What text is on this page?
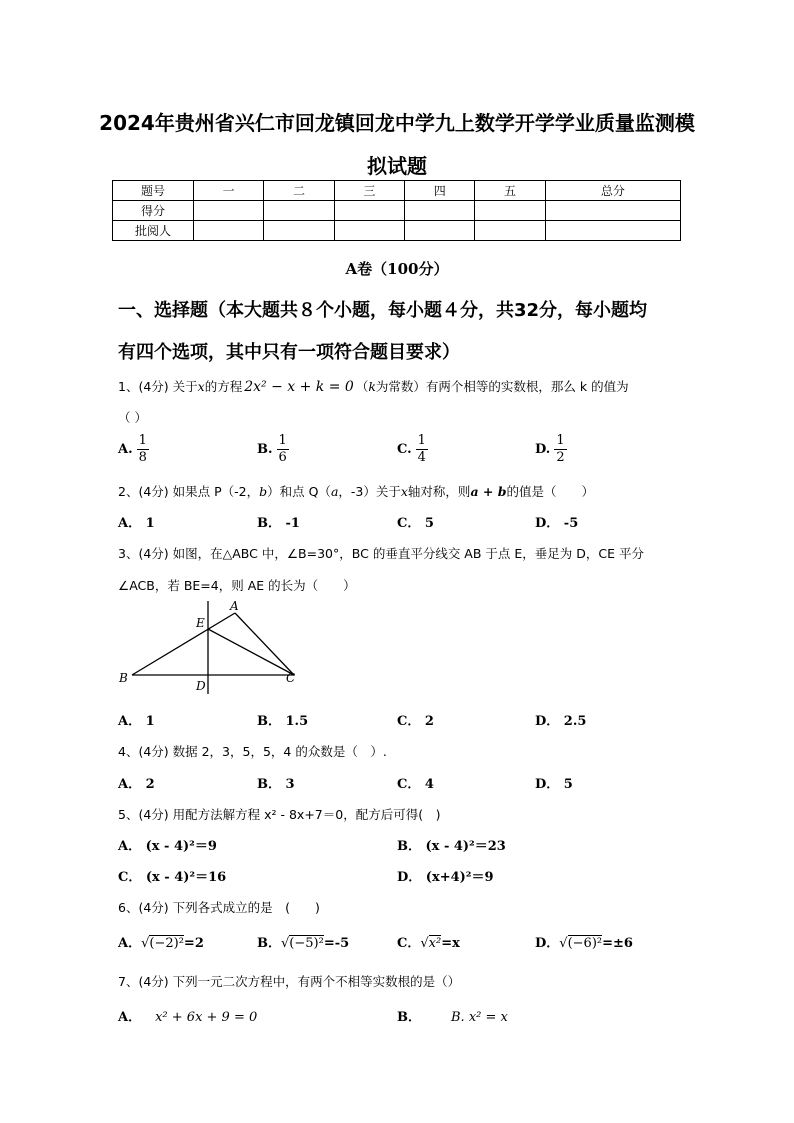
2024年贵州省兴仁市回龙镇回龙中学九上数学开学学业质量监测模
拟试题
题号	一	二	三	四	五	总分
得分						
批阅人						
A卷（100分）
一、选择题（本大题共８个小题，每小题４分，共32分，每小题均
有四个选项，其中只有一项符合题目要求）
1、(4分) 关于x的方程 2x² − x + k = 0 （k为常数）有两个相等的实数根，那么 k 的值为
（ ）
A. $\frac{1}{8}$	B. $\frac{1}{6}$	C. $\frac{1}{4}$	D. $\frac{1}{2}$
2、(4分) 如果点 P（-2，b）和点 Q（a，-3）关于x轴对称，则a + b的值是（　　）
A． 1	B． -1	C． 5	D． -5
3、(4分) 如图，在△ABC 中，∠B=30°，BC 的垂直平分线交 AB 于点 E，垂足为 D，CE 平分
∠ACB，若 BE=4，则 AE 的长为（　　）
A
E
B
D
C
A． 1	B． 1.5	C． 2	D． 2.5
4、(4分) 数据 2，3，5，5，4 的众数是（　）.
A． 2	B． 3	C． 4	D． 5
5、(4分) 用配方法解方程 x² - 8x+7＝0，配方后可得(　)
A． (x - 4)²＝9	B． (x - 4)²＝23
C． (x - 4)²＝16	D． (x+4)²＝9
6、(4分) 下列各式成立的是　(　　)
A．√(−2)²=2	B．√(−5)²=-5	C．√x²=x	D．√(−6)²=±6
7、(4分) 下列一元二次方程中，有两个不相等实数根的是（）
A． x² + 6x + 9 = 0	B． B. x² = x
